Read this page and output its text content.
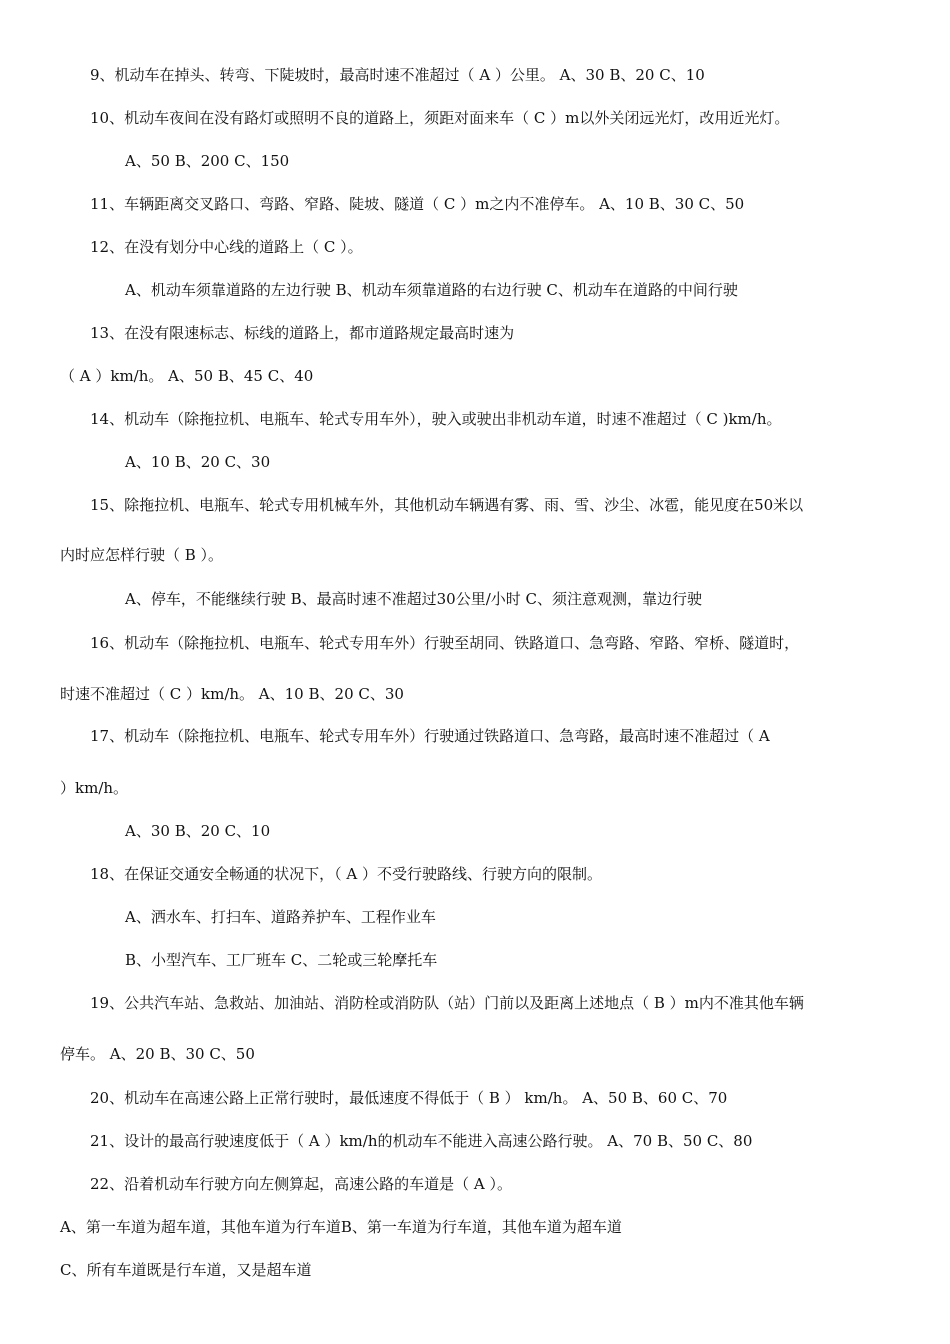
9、机动车在掉头、转弯、下陡坡时，最高时速不准超过（ A ）公里。 A、30 B、20 C、10
10、机动车夜间在没有路灯或照明不良的道路上，须距对面来车（ C ）m以外关闭远光灯，改用近光灯。
A、50 B、200 C、150
11、车辆距离交叉路口、弯路、窄路、陡坡、隧道（ C ）m之内不准停车。 A、10 B、30 C、50
12、在没有划分中心线的道路上（ C ）。
A、机动车须靠道路的左边行驶 B、机动车须靠道路的右边行驶 C、机动车在道路的中间行驶
13、在没有限速标志、标线的道路上，都市道路规定最高时速为
（ A ）km/h。 A、50 B、45 C、40
14、机动车（除拖拉机、电瓶车、轮式专用车外），驶入或驶出非机动车道，时速不准超过（ C )km/h。
A、10 B、20 C、30
15、除拖拉机、电瓶车、轮式专用机械车外，其他机动车辆遇有雾、雨、雪、沙尘、冰雹，能见度在50米以
内时应怎样行驶（ B ）。
A、停车，不能继续行驶 B、最高时速不准超过30公里/小时 C、须注意观测，靠边行驶
16、机动车（除拖拉机、电瓶车、轮式专用车外）行驶至胡同、铁路道口、急弯路、窄路、窄桥、隧道时，
时速不准超过（ C ）km/h。 A、10 B、20 C、30
17、机动车（除拖拉机、电瓶车、轮式专用车外）行驶通过铁路道口、急弯路，最高时速不准超过（ A
）km/h。
A、30 B、20 C、10
18、在保证交通安全畅通的状况下，（ A ）不受行驶路线、行驶方向的限制。
A、洒水车、打扫车、道路养护车、工程作业车
B、小型汽车、工厂班车 C、二轮或三轮摩托车
19、公共汽车站、急救站、加油站、消防栓或消防队（站）门前以及距离上述地点（ B ）m内不准其他车辆
停车。 A、20 B、30 C、50
20、机动车在高速公路上正常行驶时，最低速度不得低于（ B ） km/h。 A、50 B、60 C、70
21、设计的最高行驶速度低于（ A ）km/h的机动车不能进入高速公路行驶。 A、70 B、50 C、80
22、沿着机动车行驶方向左侧算起，高速公路的车道是（ A ）。
A、第一车道为超车道，其他车道为行车道B、第一车道为行车道，其他车道为超车道
C、所有车道既是行车道，又是超车道
